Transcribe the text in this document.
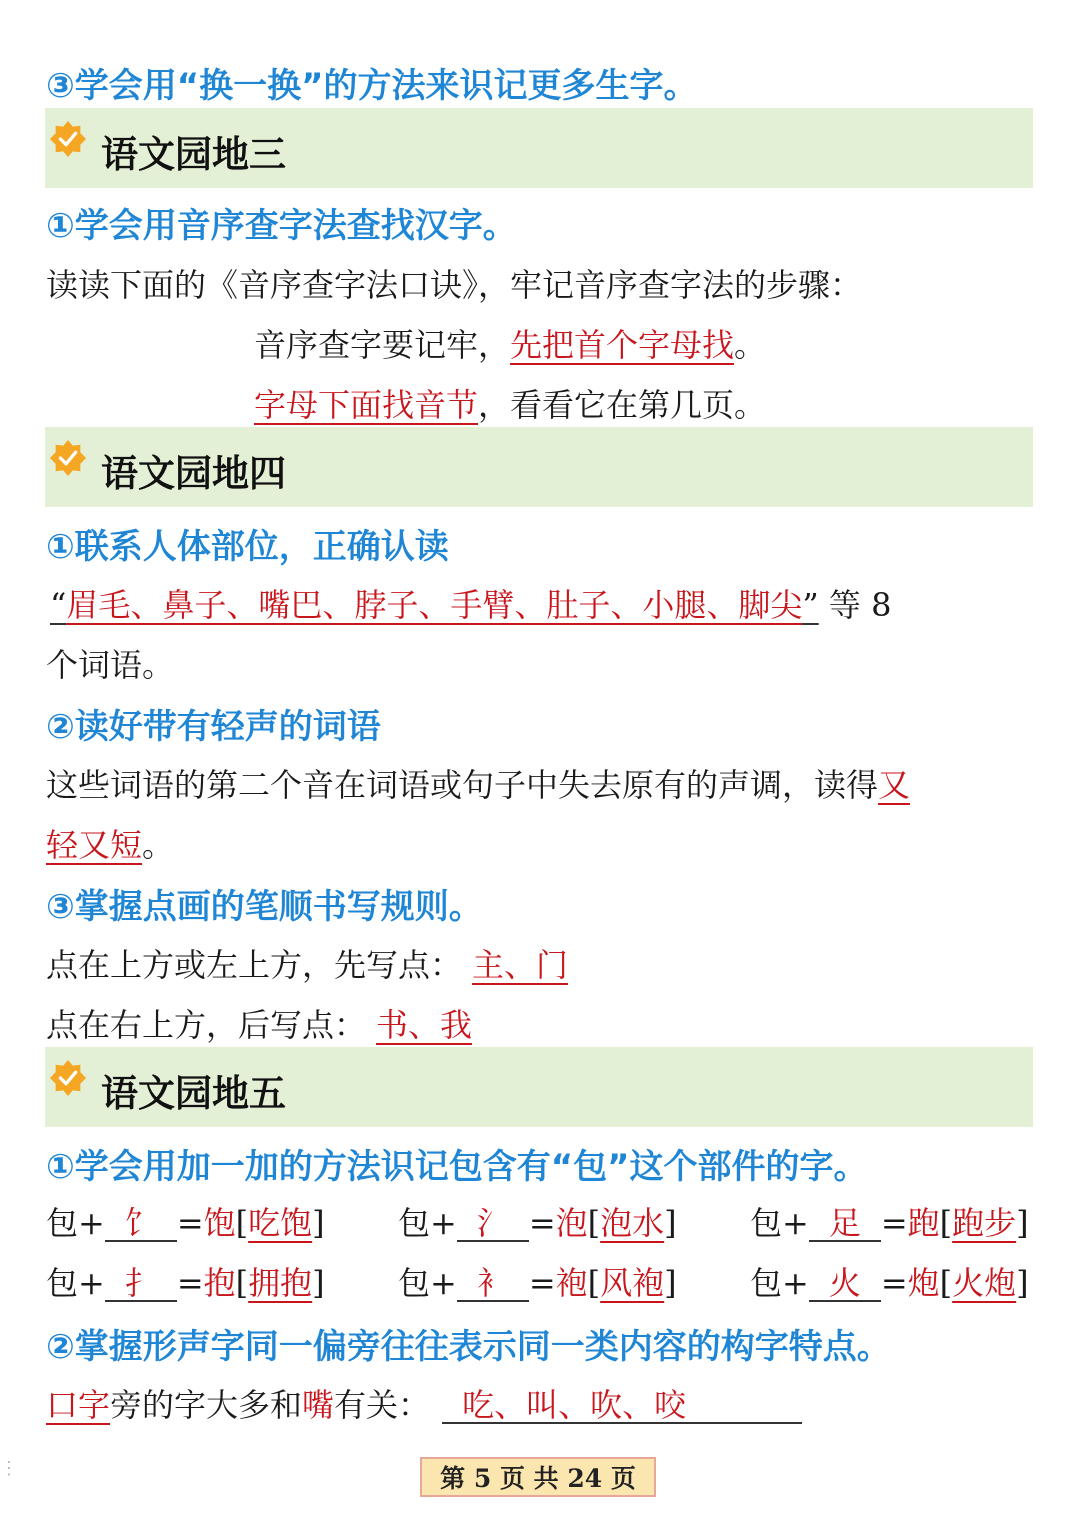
③学会用“换一换”的方法来识记更多生字。
语文园地三
①学会用音序查字法查找汉字。
读读下面的《音序查字法口诀》，牢记音序查字法的步骤：
音序查字要记牢，先把首个字母找。
字母下面找音节，看看它在第几页。
语文园地四
①联系人体部位，正确认读
“眉毛、鼻子、嘴巴、脖子、手臂、肚子、小腿、脚尖” 等 8
个词语。
②读好带有轻声的词语
这些词语的第二个音在词语或句子中失去原有的声调，读得又
轻又短。
③掌握点画的笔顺书写规则。
点在上方或左上方，先写点： 主、门
点在右上方，后写点： 书、我
语文园地五
①学会用加一加的方法识记包含有“包”这个部件的字。
包+ 饣 =饱[吃饱] 包+ 氵 =泡[泡水] 包+ 足 =跑[跑步]
包+ 扌 =抱[拥抱] 包+ 衤 =袍[风袍] 包+ 火 =炮[火炮]
②掌握形声字同一偏旁往往表示同一类内容的构字特点。
口字旁的字大多和嘴有关： 吃、叫、吹、咬
⋮	第 5 页 共 24 页
